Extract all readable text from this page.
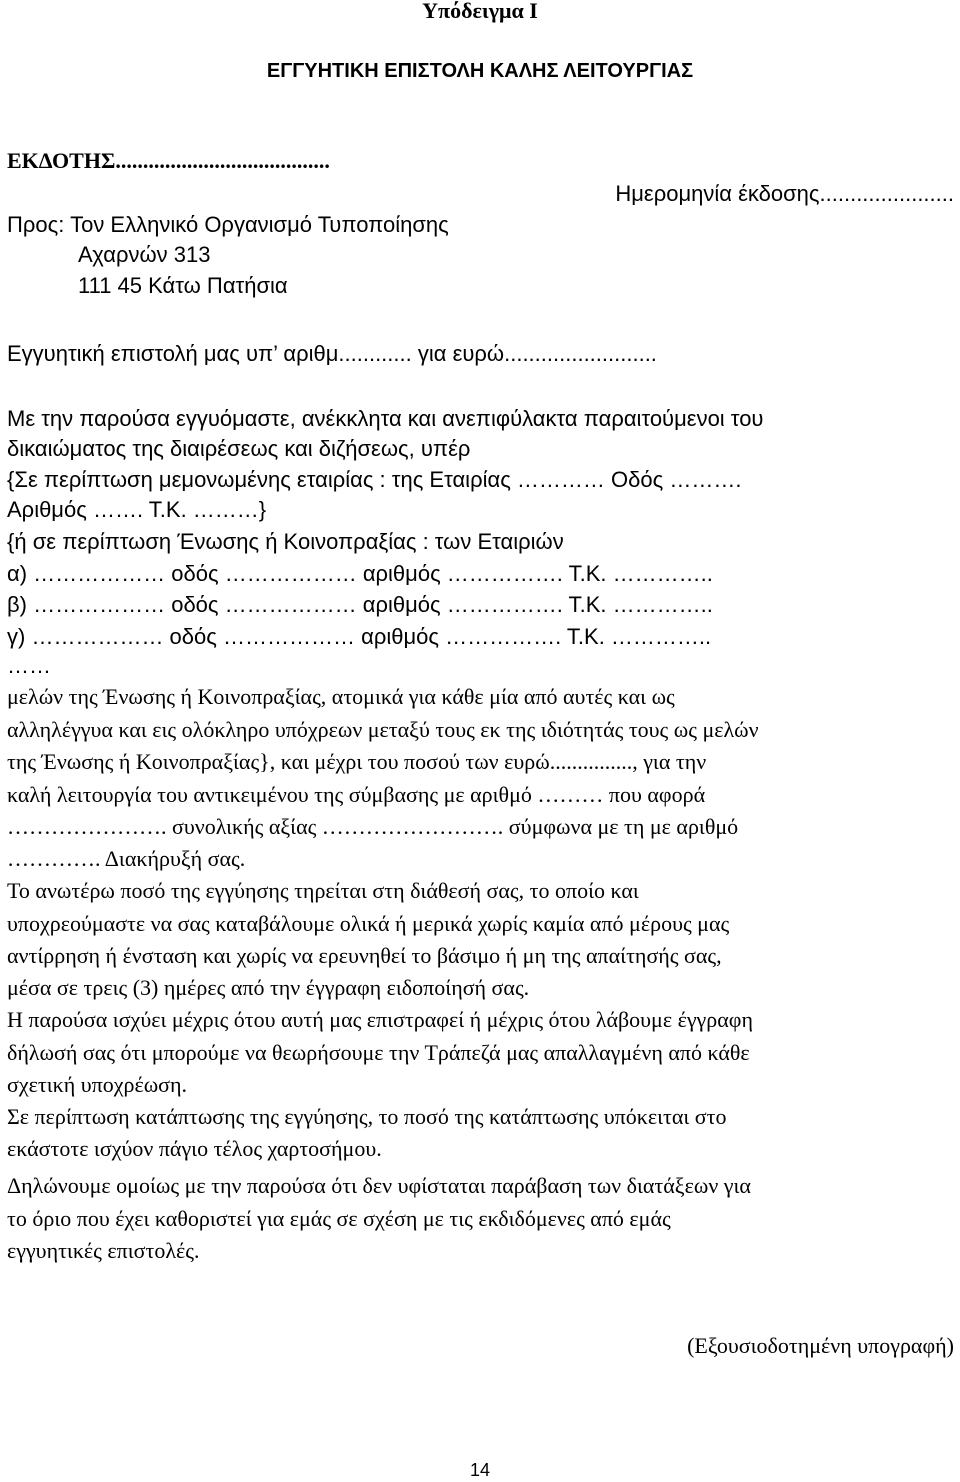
Υπόδειγμα Ι
ΕΓΓΥΗΤΙΚΗ ΕΠΙΣΤΟΛΗ ΚΑΛΗΣ ΛΕΙΤΟΥΡΓΙΑΣ
ΕΚΔΟΤΗΣ.......................................
Ημερομηνία έκδοσης......................
Προς: Τον Ελληνικό Οργανισμό Τυποποίησης
Αχαρνών 313
111 45 Κάτω Πατήσια
Εγγυητική επιστολή μας υπ’ αριθμ............ για ευρώ.........................
Με την παρούσα εγγυόμαστε, ανέκκλητα και ανεπιφύλακτα παραιτούμενοι του
δικαιώματος της διαιρέσεως και διζήσεως, υπέρ
{Σε περίπτωση μεμονωμένης εταιρίας : της Εταιρίας ………… Οδός ……….
Αριθμός ……. Τ.Κ. ………}
{ή σε περίπτωση Ένωσης ή Κοινοπραξίας : των Εταιριών
α) ……………… οδός ……………… αριθμός ……………. Τ.Κ. …………..
β) ……………… οδός ……………… αριθμός ……………. Τ.Κ. …………..
γ) ……………… οδός ……………… αριθμός ……………. Τ.Κ. …………..
……
μελών της Ένωσης ή Κοινοπραξίας, ατομικά για κάθε μία από αυτές και ως
αλληλέγγυα και εις ολόκληρο υπόχρεων μεταξύ τους εκ της ιδιότητάς τους ως μελών
της Ένωσης ή Κοινοπραξίας}, και μέχρι του ποσού των ευρώ..............., για την
καλή λειτουργία του αντικειμένου της σύμβασης με αριθμό ……… που αφορά
…………………. συνολικής αξίας ……………………. σύμφωνα με τη με αριθμό
…………. Διακήρυξή σας.
Το ανωτέρω ποσό της εγγύησης τηρείται στη διάθεσή σας, το οποίο και
υποχρεούμαστε να σας καταβάλουμε ολικά ή μερικά χωρίς καμία από μέρους μας
αντίρρηση ή ένσταση και χωρίς να ερευνηθεί το βάσιμο ή μη της απαίτησής σας,
μέσα σε τρεις (3) ημέρες από την έγγραφη ειδοποίησή σας.
Η παρούσα ισχύει μέχρις ότου αυτή μας επιστραφεί ή μέχρις ότου λάβουμε έγγραφη
δήλωσή σας ότι μπορούμε να θεωρήσουμε την Τράπεζά μας απαλλαγμένη από κάθε
σχετική υποχρέωση.
Σε περίπτωση κατάπτωσης της εγγύησης, το ποσό της κατάπτωσης υπόκειται στο
εκάστοτε ισχύον πάγιο τέλος χαρτοσήμου.
Δηλώνουμε ομοίως με την παρούσα ότι δεν υφίσταται παράβαση των διατάξεων για
το όριο που έχει καθοριστεί για εμάς σε σχέση με τις εκδιδόμενες από εμάς
εγγυητικές επιστολές.
(Εξουσιοδοτημένη υπογραφή)
14
